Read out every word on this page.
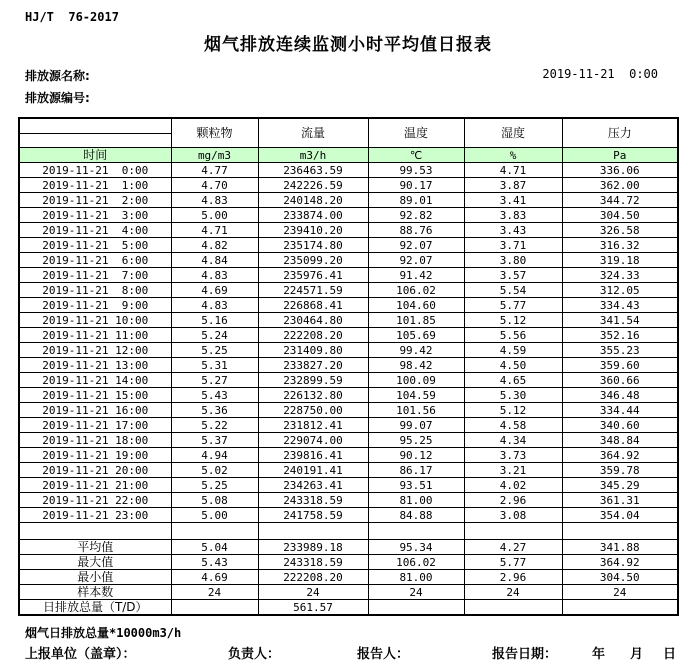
HJ/T  76-2017
烟气排放连续监测小时平均值日报表
排放源名称:	2019-11-21  0:00
排放源编号:
	颗粒物	流量	温度	湿度	压力

时间	mg/m3	m3/h	℃	%	Pa
2019-11-21  0:00	4.77	236463.59	99.53	4.71	336.06
2019-11-21  1:00	4.70	242226.59	90.17	3.87	362.00
2019-11-21  2:00	4.83	240148.20	89.01	3.41	344.72
2019-11-21  3:00	5.00	233874.00	92.82	3.83	304.50
2019-11-21  4:00	4.71	239410.20	88.76	3.43	326.58
2019-11-21  5:00	4.82	235174.80	92.07	3.71	316.32
2019-11-21  6:00	4.84	235099.20	92.07	3.80	319.18
2019-11-21  7:00	4.83	235976.41	91.42	3.57	324.33
2019-11-21  8:00	4.69	224571.59	106.02	5.54	312.05
2019-11-21  9:00	4.83	226868.41	104.60	5.77	334.43
2019-11-21 10:00	5.16	230464.80	101.85	5.12	341.54
2019-11-21 11:00	5.24	222208.20	105.69	5.56	352.16
2019-11-21 12:00	5.25	231409.80	99.42	4.59	355.23
2019-11-21 13:00	5.31	233827.20	98.42	4.50	359.60
2019-11-21 14:00	5.27	232899.59	100.09	4.65	360.66
2019-11-21 15:00	5.43	226132.80	104.59	5.30	346.48
2019-11-21 16:00	5.36	228750.00	101.56	5.12	334.44
2019-11-21 17:00	5.22	231812.41	99.07	4.58	340.60
2019-11-21 18:00	5.37	229074.00	95.25	4.34	348.84
2019-11-21 19:00	4.94	239816.41	90.12	3.73	364.92
2019-11-21 20:00	5.02	240191.41	86.17	3.21	359.78
2019-11-21 21:00	5.25	234263.41	93.51	4.02	345.29
2019-11-21 22:00	5.08	243318.59	81.00	2.96	361.31
2019-11-21 23:00	5.00	241758.59	84.88	3.08	354.04

平均值	5.04	233989.18	95.34	4.27	341.88
最大值	5.43	243318.59	106.02	5.77	364.92
最小值	4.69	222208.20	81.00	2.96	304.50
样本数	24	24	24	24	24
日排放总量（T/D）		561.57			
烟气日排放总量*10000m3/h
上报单位（盖章）：	负责人：	报告人：	报告日期：	年 月 日
